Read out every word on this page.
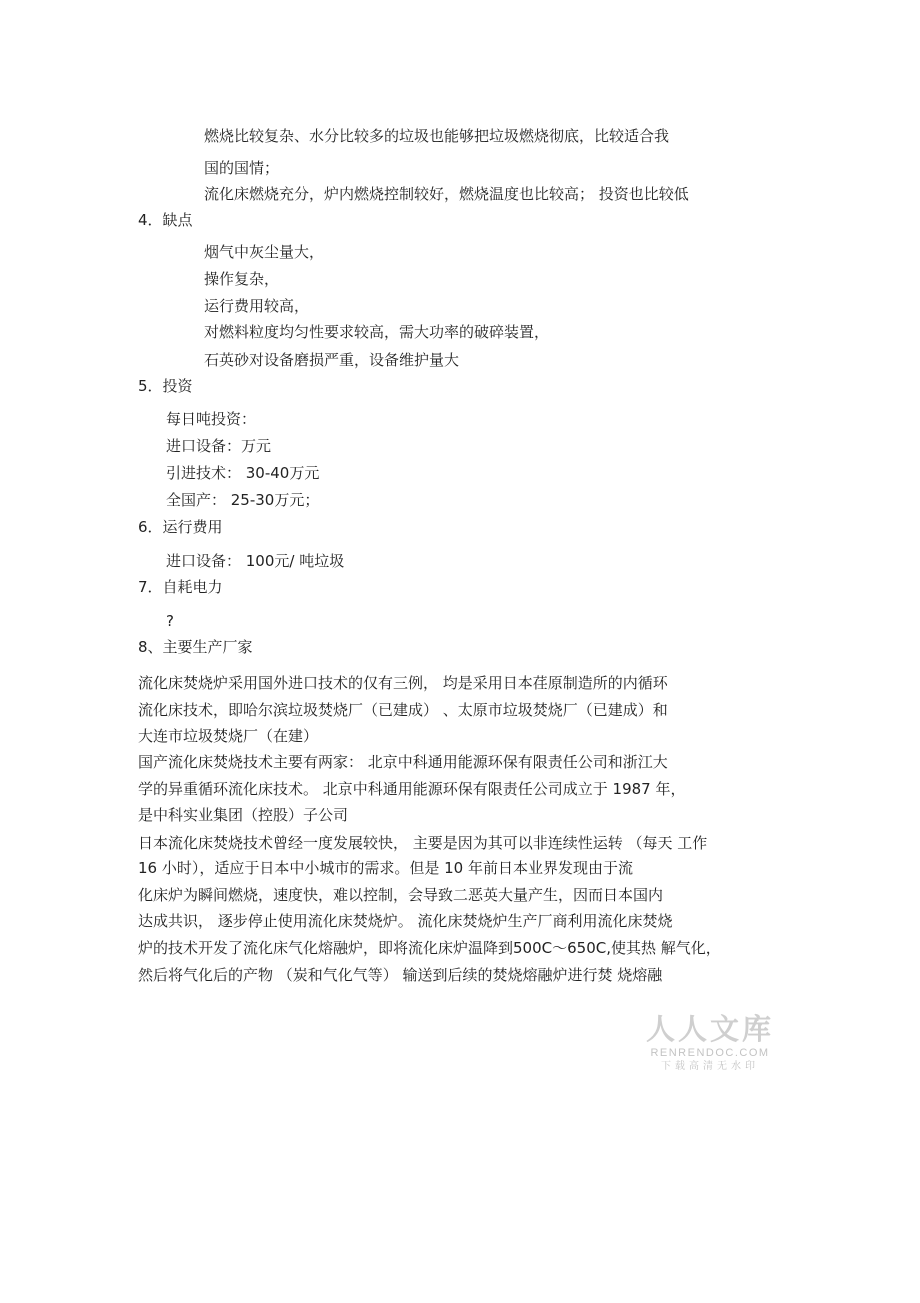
燃烧比较复杂、水分比较多的垃圾也能够把垃圾燃烧彻底，比较适合我
国的国情；
流化床燃烧充分，炉内燃烧控制较好，燃烧温度也比较高； 投资也比较低
4．缺点
烟气中灰尘量大，
操作复杂，
运行费用较高，
对燃料粒度均匀性要求较高，需大功率的破碎装置，
石英砂对设备磨损严重，设备维护量大
5．投资
每日吨投资：
进口设备：万元
引进技术： 30-40万元
全国产： 25-30万元；
6．运行费用
进口设备： 100元/ 吨垃圾
7．自耗电力
?
8、主要生产厂家
流化床焚烧炉采用国外进口技术的仅有三例， 均是采用日本荏原制造所的内循环
流化床技术，即哈尔滨垃圾焚烧厂（已建成） 、太原市垃圾焚烧厂（已建成）和
大连市垃圾焚烧厂（在建）
国产流化床焚烧技术主要有两家： 北京中科通用能源环保有限责任公司和浙江大
学的异重循环流化床技术。 北京中科通用能源环保有限责任公司成立于 1987 年，
是中科实业集团（控股）子公司
日本流化床焚烧技术曾经一度发展较快， 主要是因为其可以非连续性运转 （每天 工作
16 小时），适应于日本中小城市的需求。但是 10 年前日本业界发现由于流
化床炉为瞬间燃烧，速度快，难以控制，会导致二恶英大量产生，因而日本国内
达成共识， 逐步停止使用流化床焚烧炉。 流化床焚烧炉生产厂商利用流化床焚烧
炉的技术开发了流化床气化熔融炉，即将流化床炉温降到500C～650C,使其热 解气化，
然后将气化后的产物 （炭和气化气等） 输送到后续的焚烧熔融炉进行焚 烧熔融
人人文库
RENRENDOC.COM
下载高清无水印
